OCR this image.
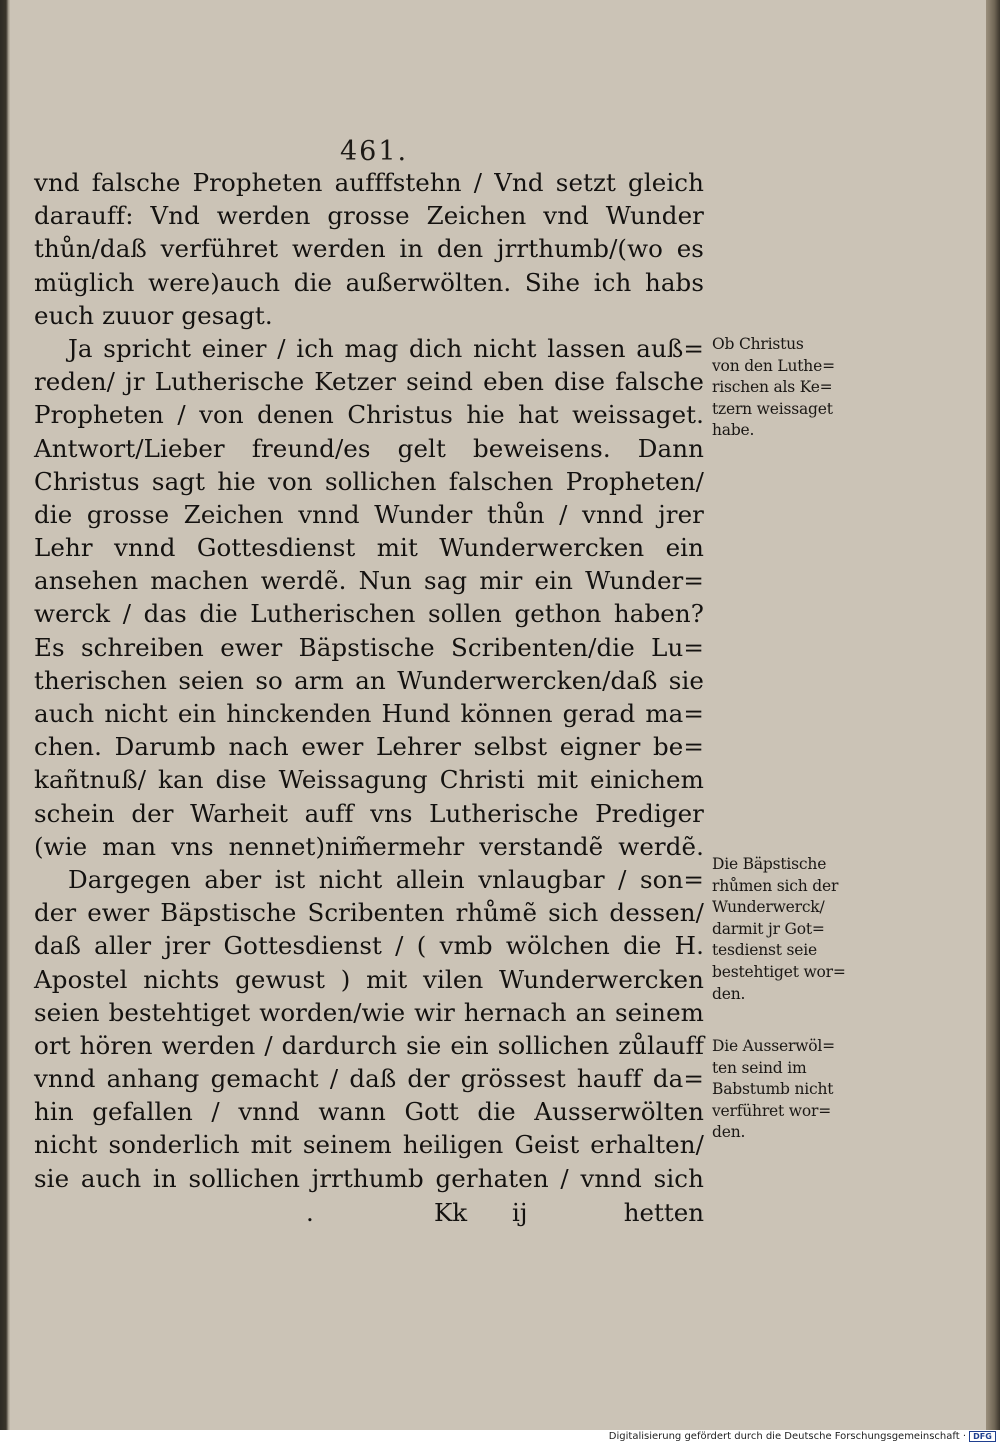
461.
vnd falsche Propheten aufffstehn / Vnd setzt gleich
darauff: Vnd werden grosse Zeichen vnd Wunder
thůn/daß verführet werden in den jrrthumb/(wo es
müglich were)auch die außerwölten. Sihe ich habs
euch zuuor gesagt.
Ja spricht einer / ich mag dich nicht lassen auß=
reden/ jr Lutherische Ketzer seind eben dise falsche
Propheten / von denen Christus hie hat weissaget.
Antwort/Lieber freund/es gelt beweisens. Dann
Christus sagt hie von sollichen falschen Propheten/
die grosse Zeichen vnnd Wunder thůn / vnnd jrer
Lehr vnnd Gottesdienst mit Wunderwercken ein
ansehen machen werdẽ. Nun sag mir ein Wunder=
werck / das die Lutherischen sollen gethon haben?
Es schreiben ewer Bäpstische Scribenten/die Lu=
therischen seien so arm an Wunderwercken/daß sie
auch nicht ein hinckenden Hund können gerad ma=
chen. Darumb nach ewer Lehrer selbst eigner be=
kañtnuß/ kan dise Weissagung Christi mit einichem
schein der Warheit auff vns Lutherische Prediger
(wie man vns nennet)nim̃ermehr verstandẽ werdẽ.
Dargegen aber ist nicht allein vnlaugbar / son=
der ewer Bäpstische Scribenten rhůmẽ sich dessen/
daß aller jrer Gottesdienst / ( vmb wölchen die H.
Apostel nichts gewust ) mit vilen Wunderwercken
seien bestehtiget worden/wie wir hernach an seinem
ort hören werden / dardurch sie ein sollichen zůlauff
vnnd anhang gemacht / daß der grössest hauff da=
hin gefallen / vnnd wann Gott die Ausserwölten
nicht sonderlich mit seinem heiligen Geist erhalten/
sie auch in sollichen jrrthumb gerhaten / vnnd sich
.	Kk ij	hetten
Ob Christus
von den Luthe=
rischen als Ke=
tzern weissaget
habe.
Die Bäpstische
rhůmen sich der
Wunderwerck/
darmit jr Got=
tesdienst seie
bestehtiget wor=
den.
Die Ausserwöl=
ten seind im
Babstumb nicht
verführet wor=
den.
Digitalisierung gefördert durch die Deutsche Forschungsgemeinschaft · DFG
